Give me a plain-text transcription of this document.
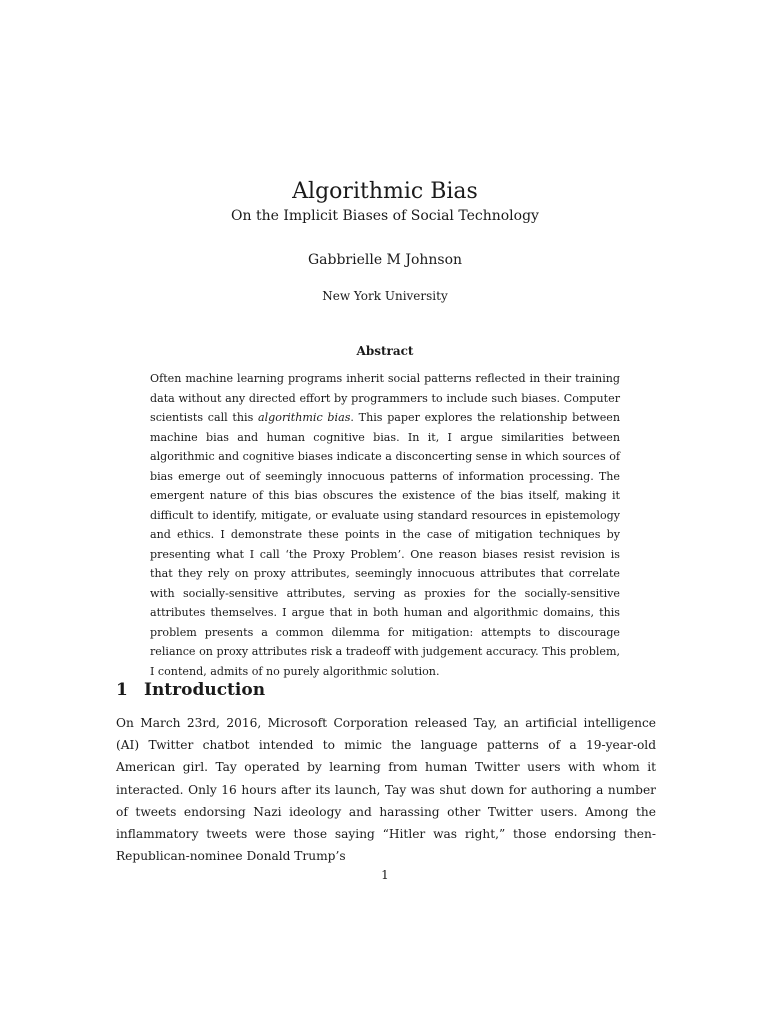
Algorithmic Bias
On the Implicit Biases of Social Technology
Gabbrielle M Johnson
New York University
Abstract

Often machine learning programs inherit social patterns reflected in their training data without any directed effort by programmers to include such biases. Computer scientists call this algorithmic bias. This paper explores the relationship between machine bias and human cognitive bias. In it, I argue similarities between algorithmic and cognitive biases indicate a disconcerting sense in which sources of bias emerge out of seemingly innocuous patterns of information processing. The emergent nature of this bias obscures the existence of the bias itself, making it difficult to identify, mitigate, or evaluate using standard resources in epistemology and ethics. I demonstrate these points in the case of mitigation techniques by presenting what I call ‘the Proxy Problem’. One reason biases resist revision is that they rely on proxy attributes, seemingly innocuous attributes that correlate with socially-sensitive attributes, serving as proxies for the socially-sensitive attributes themselves. I argue that in both human and algorithmic domains, this problem presents a common dilemma for mitigation: attempts to discourage reliance on proxy attributes risk a tradeoff with judgement accuracy. This problem, I contend, admits of no purely algorithmic solution.

1 Introduction

On March 23rd, 2016, Microsoft Corporation released Tay, an artificial intelligence (AI) Twitter chatbot intended to mimic the language patterns of a 19-year-old American girl. Tay operated by learning from human Twitter users with whom it interacted. Only 16 hours after its launch, Tay was shut down for authoring a number of tweets endorsing Nazi ideology and harassing other Twitter users. Among the inflammatory tweets were those saying “Hitler was right,” those endorsing then-Republican-nominee Donald Trump’s

1
